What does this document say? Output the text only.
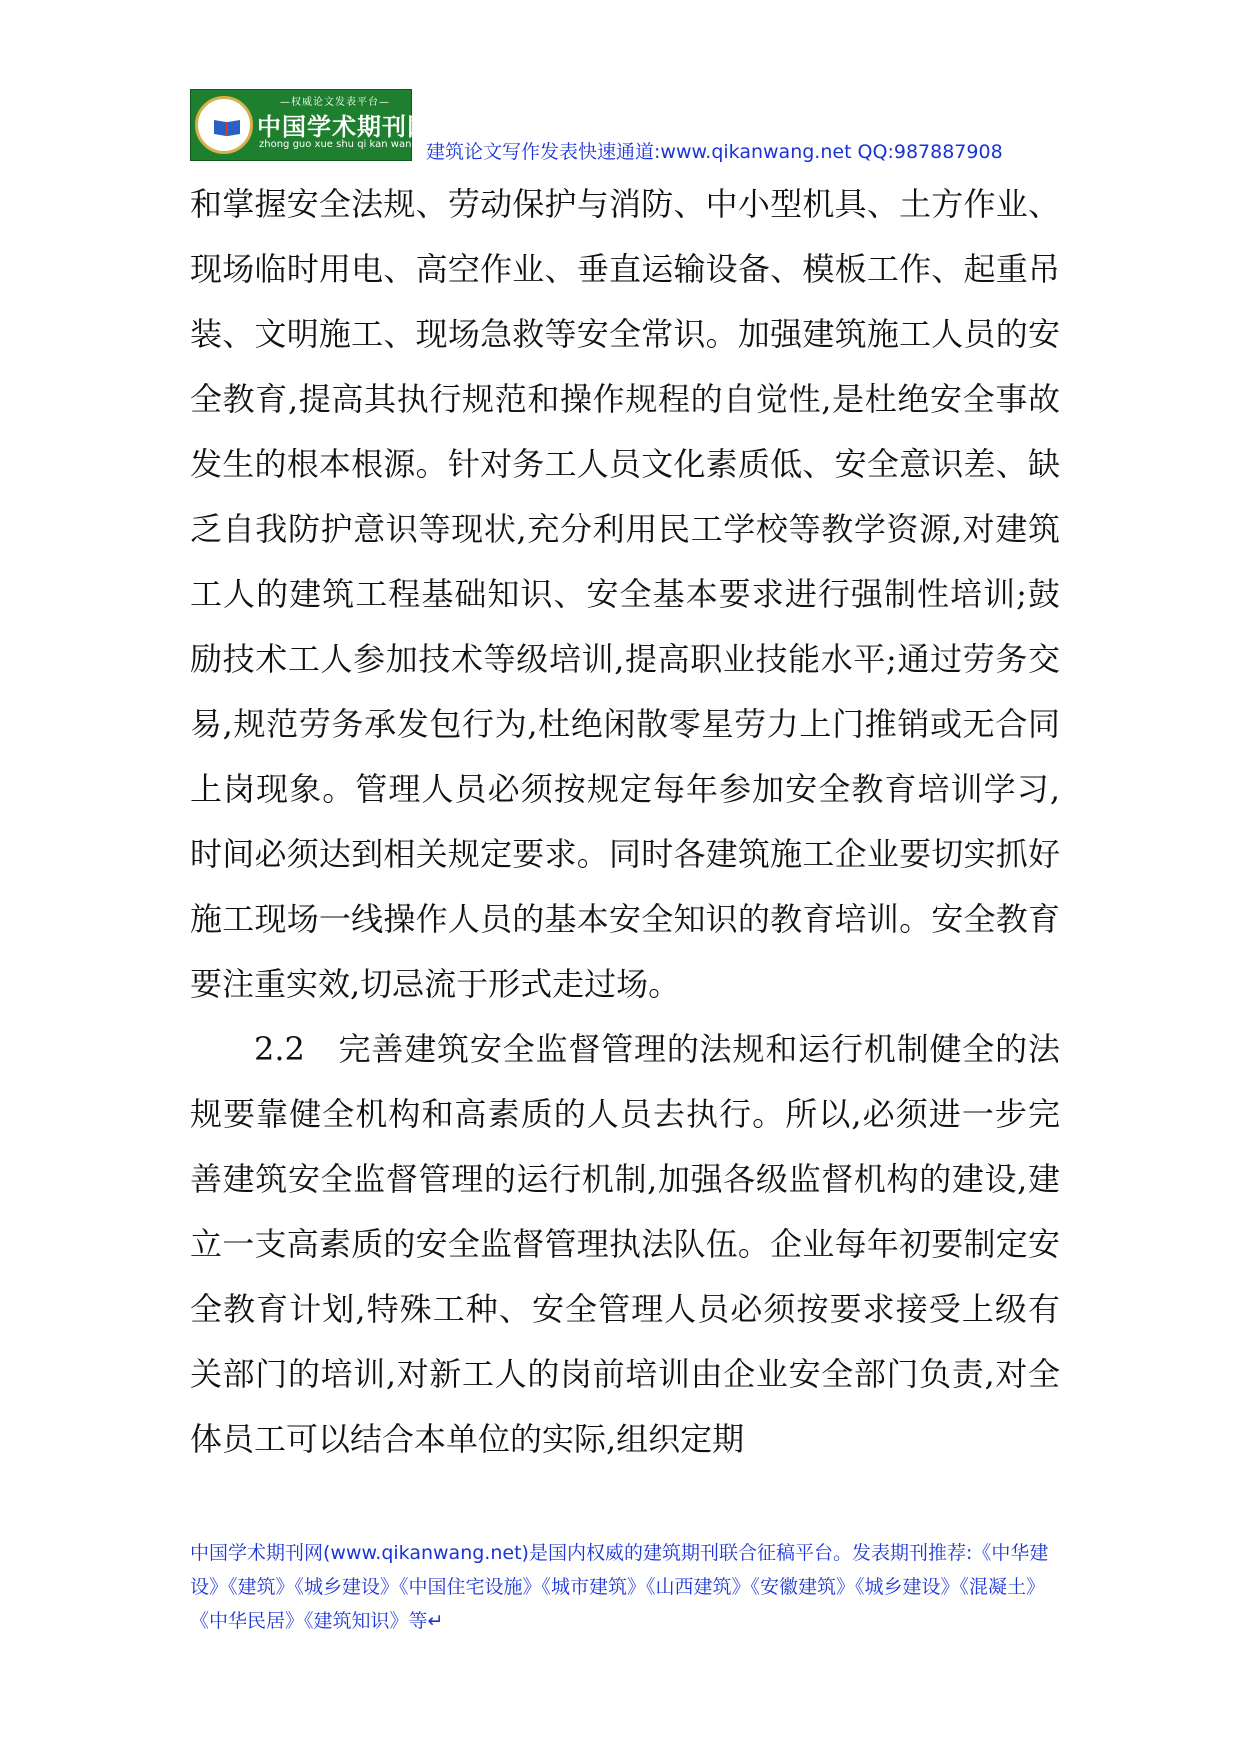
—权威论文发表平台—
中国学术期刊网
zhong guo xue shu qi kan wang 建筑论文写作发表快速通道:www.qikanwang.net QQ:987887908

和掌握安全法规、劳动保护与消防、中小型机具、土方作业、现场临时用电、高空作业、垂直运输设备、模板工作、起重吊装、文明施工、现场急救等安全常识。加强建筑施工人员的安全教育,提高其执行规范和操作规程的自觉性,是杜绝安全事故发生的根本根源。针对务工人员文化素质低、安全意识差、缺乏自我防护意识等现状,充分利用民工学校等教学资源,对建筑工人的建筑工程基础知识、安全基本要求进行强制性培训;鼓励技术工人参加技术等级培训,提高职业技能水平;通过劳务交易,规范劳务承发包行为,杜绝闲散零星劳力上门推销或无合同上岗现象。管理人员必须按规定每年参加安全教育培训学习,时间必须达到相关规定要求。同时各建筑施工企业要切实抓好施工现场一线操作人员的基本安全知识的教育培训。安全教育要注重实效,切忌流于形式走过场。

2.2　完善建筑安全监督管理的法规和运行机制健全的法规要靠健全机构和高素质的人员去执行。所以,必须进一步完善建筑安全监督管理的运行机制,加强各级监督机构的建设,建立一支高素质的安全监督管理执法队伍。企业每年初要制定安全教育计划,特殊工种、安全管理人员必须按要求接受上级有关部门的培训,对新工人的岗前培训由企业安全部门负责,对全体员工可以结合本单位的实际,组织定期

中国学术期刊网(www.qikanwang.net)是国内权威的建筑期刊联合征稿平台。发表期刊推荐:《中华建设》《建筑》《城乡建设》《中国住宅设施》《城市建筑》《山西建筑》《安徽建筑》《城乡建设》《混凝土》《中华民居》《建筑知识》等↵
